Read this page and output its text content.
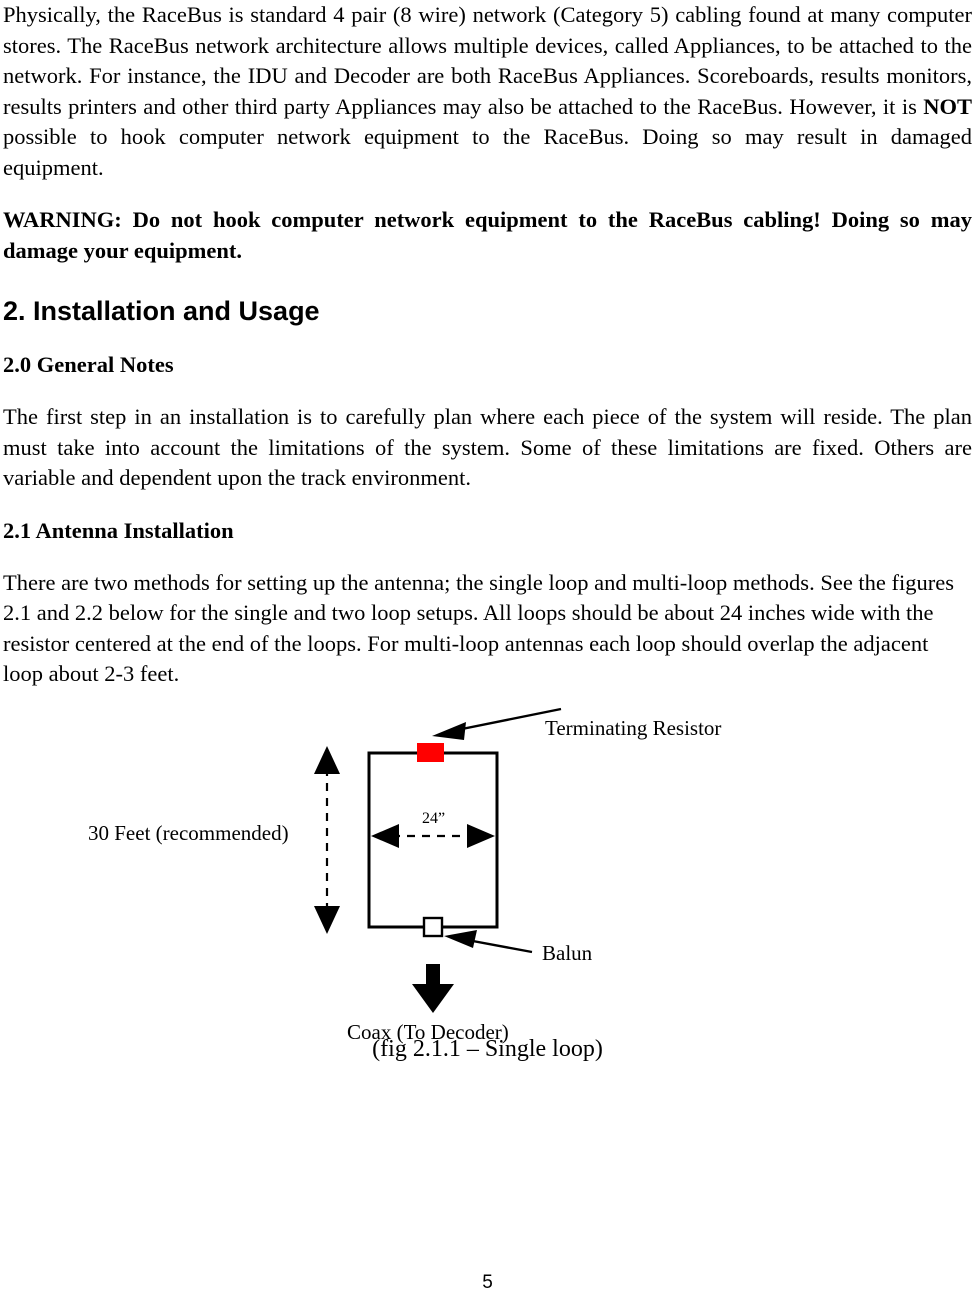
Physically, the RaceBus is standard 4 pair (8 wire) network (Category 5) cabling found at many computer stores. The RaceBus network architecture allows multiple devices, called Appliances, to be attached to the network. For instance, the IDU and Decoder are both RaceBus Appliances. Scoreboards, results monitors, results printers and other third party Appliances may also be attached to the RaceBus. However, it is NOT possible to hook computer network equipment to the RaceBus. Doing so may result in damaged equipment.

WARNING: Do not hook computer network equipment to the RaceBus cabling! Doing so may damage your equipment.
2. Installation and Usage
2.0 General Notes

The first step in an installation is to carefully plan where each piece of the system will reside. The plan must take into account the limitations of the system. Some of these limitations are fixed. Others are variable and dependent upon the track environment.

2.1 Antenna Installation

There are two methods for setting up the antenna; the single loop and multi-loop methods. See the figures 2.1 and 2.2 below for the single and two loop setups. All loops should be about 24 inches wide with the resistor centered at the end of the loops. For multi-loop antennas each loop should overlap the adjacent loop about 2-3 feet.

Terminating Resistor
Balun
Coax (To Decoder)
30 Feet (recommended)
24”

(fig 2.1.1 – Single loop)

5
